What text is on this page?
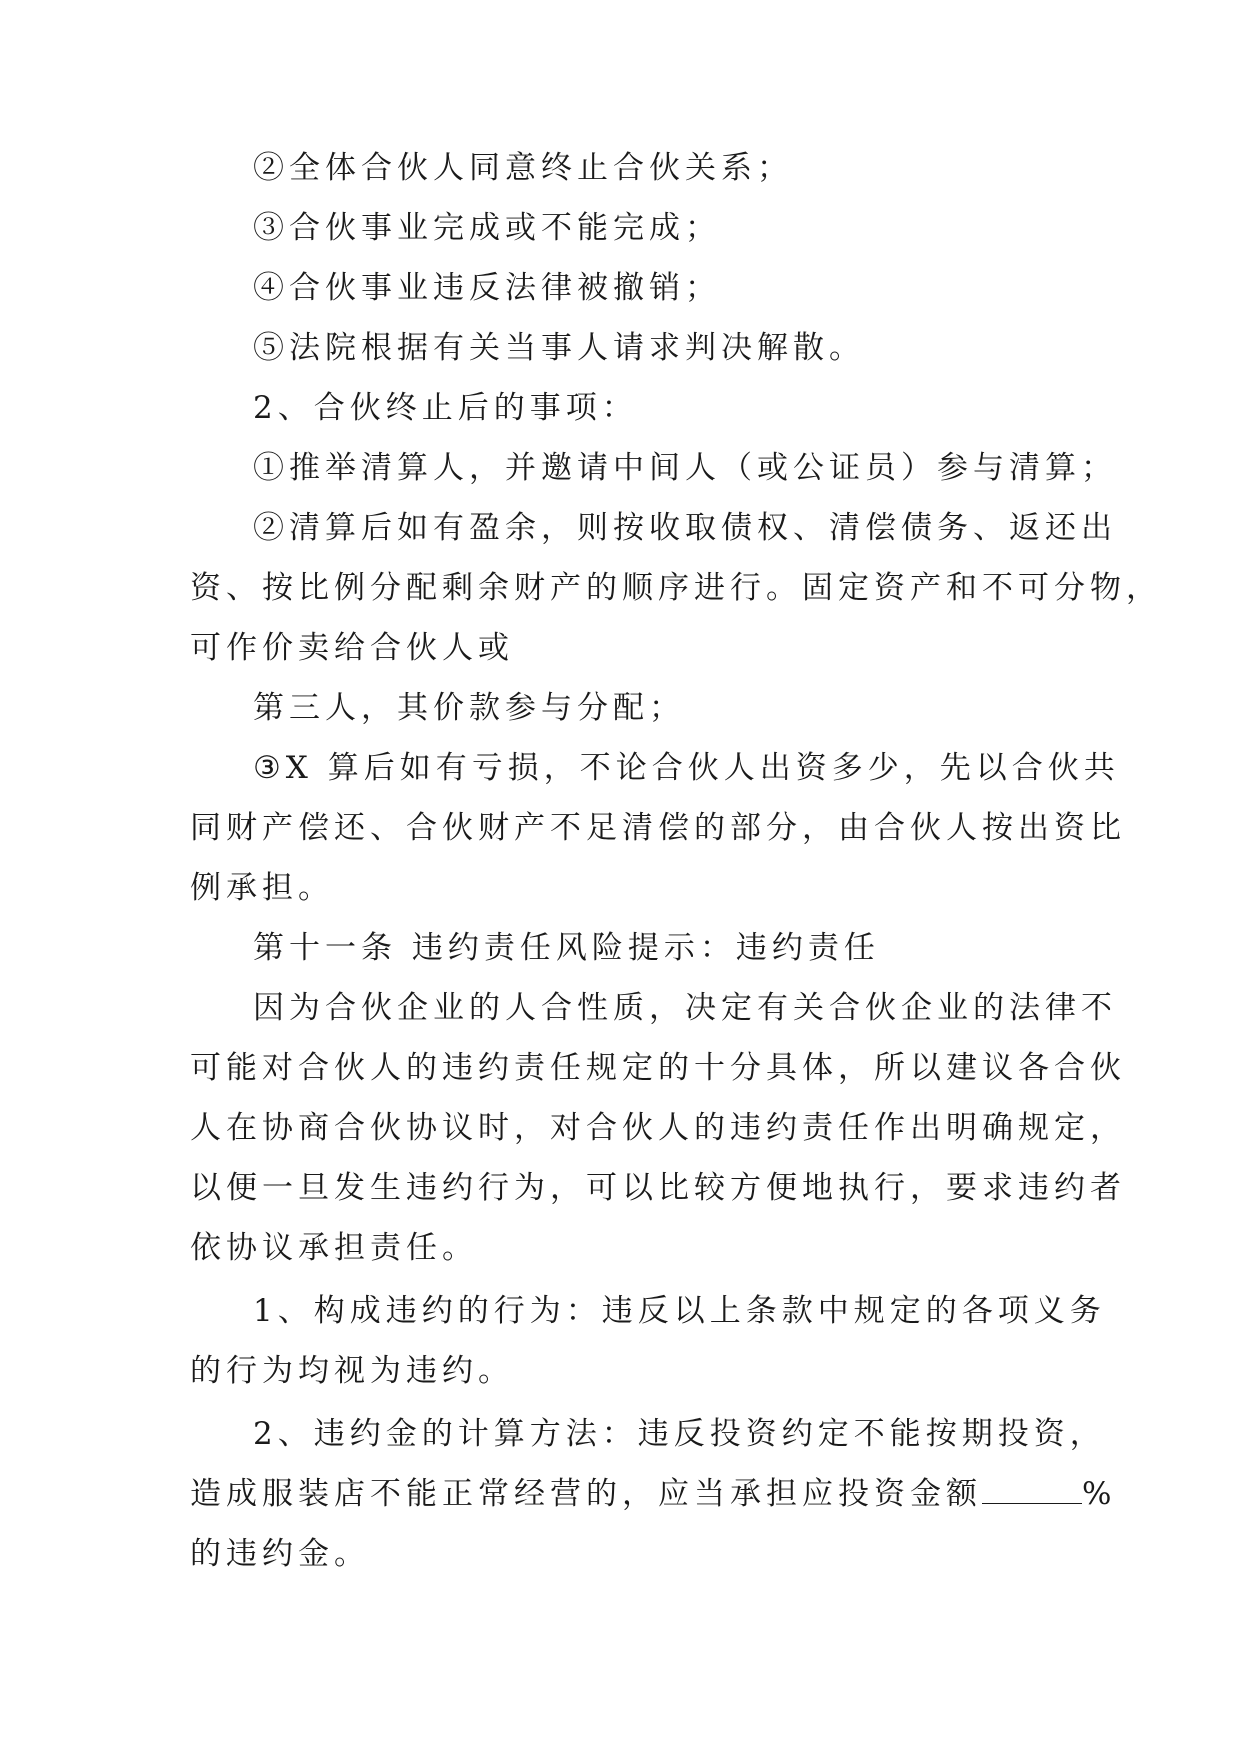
②全体合伙人同意终止合伙关系；

③合伙事业完成或不能完成；

④合伙事业违反法律被撤销；

⑤法院根据有关当事人请求判决解散。

2、合伙终止后的事项：

①推举清算人，并邀请中间人（或公证员）参与清算；

②清算后如有盈余，则按收取债权、清偿债务、返还出

资、按比例分配剩余财产的顺序进行。固定资产和不可分物，

可作价卖给合伙人或

第三人，其价款参与分配；

③X 算后如有亏损，不论合伙人出资多少，先以合伙共

同财产偿还、合伙财产不足清偿的部分，由合伙人按出资比

例承担。

第十一条 违约责任风险提示：违约责任

因为合伙企业的人合性质，决定有关合伙企业的法律不

可能对合伙人的违约责任规定的十分具体，所以建议各合伙

人在协商合伙协议时，对合伙人的违约责任作出明确规定，

以便一旦发生违约行为，可以比较方便地执行，要求违约者

依协议承担责任。

1、构成违约的行为：违反以上条款中规定的各项义务

的行为均视为违约。

2、违约金的计算方法：违反投资约定不能按期投资，

造成服装店不能正常经营的，应当承担应投资金额	%

的违约金。
